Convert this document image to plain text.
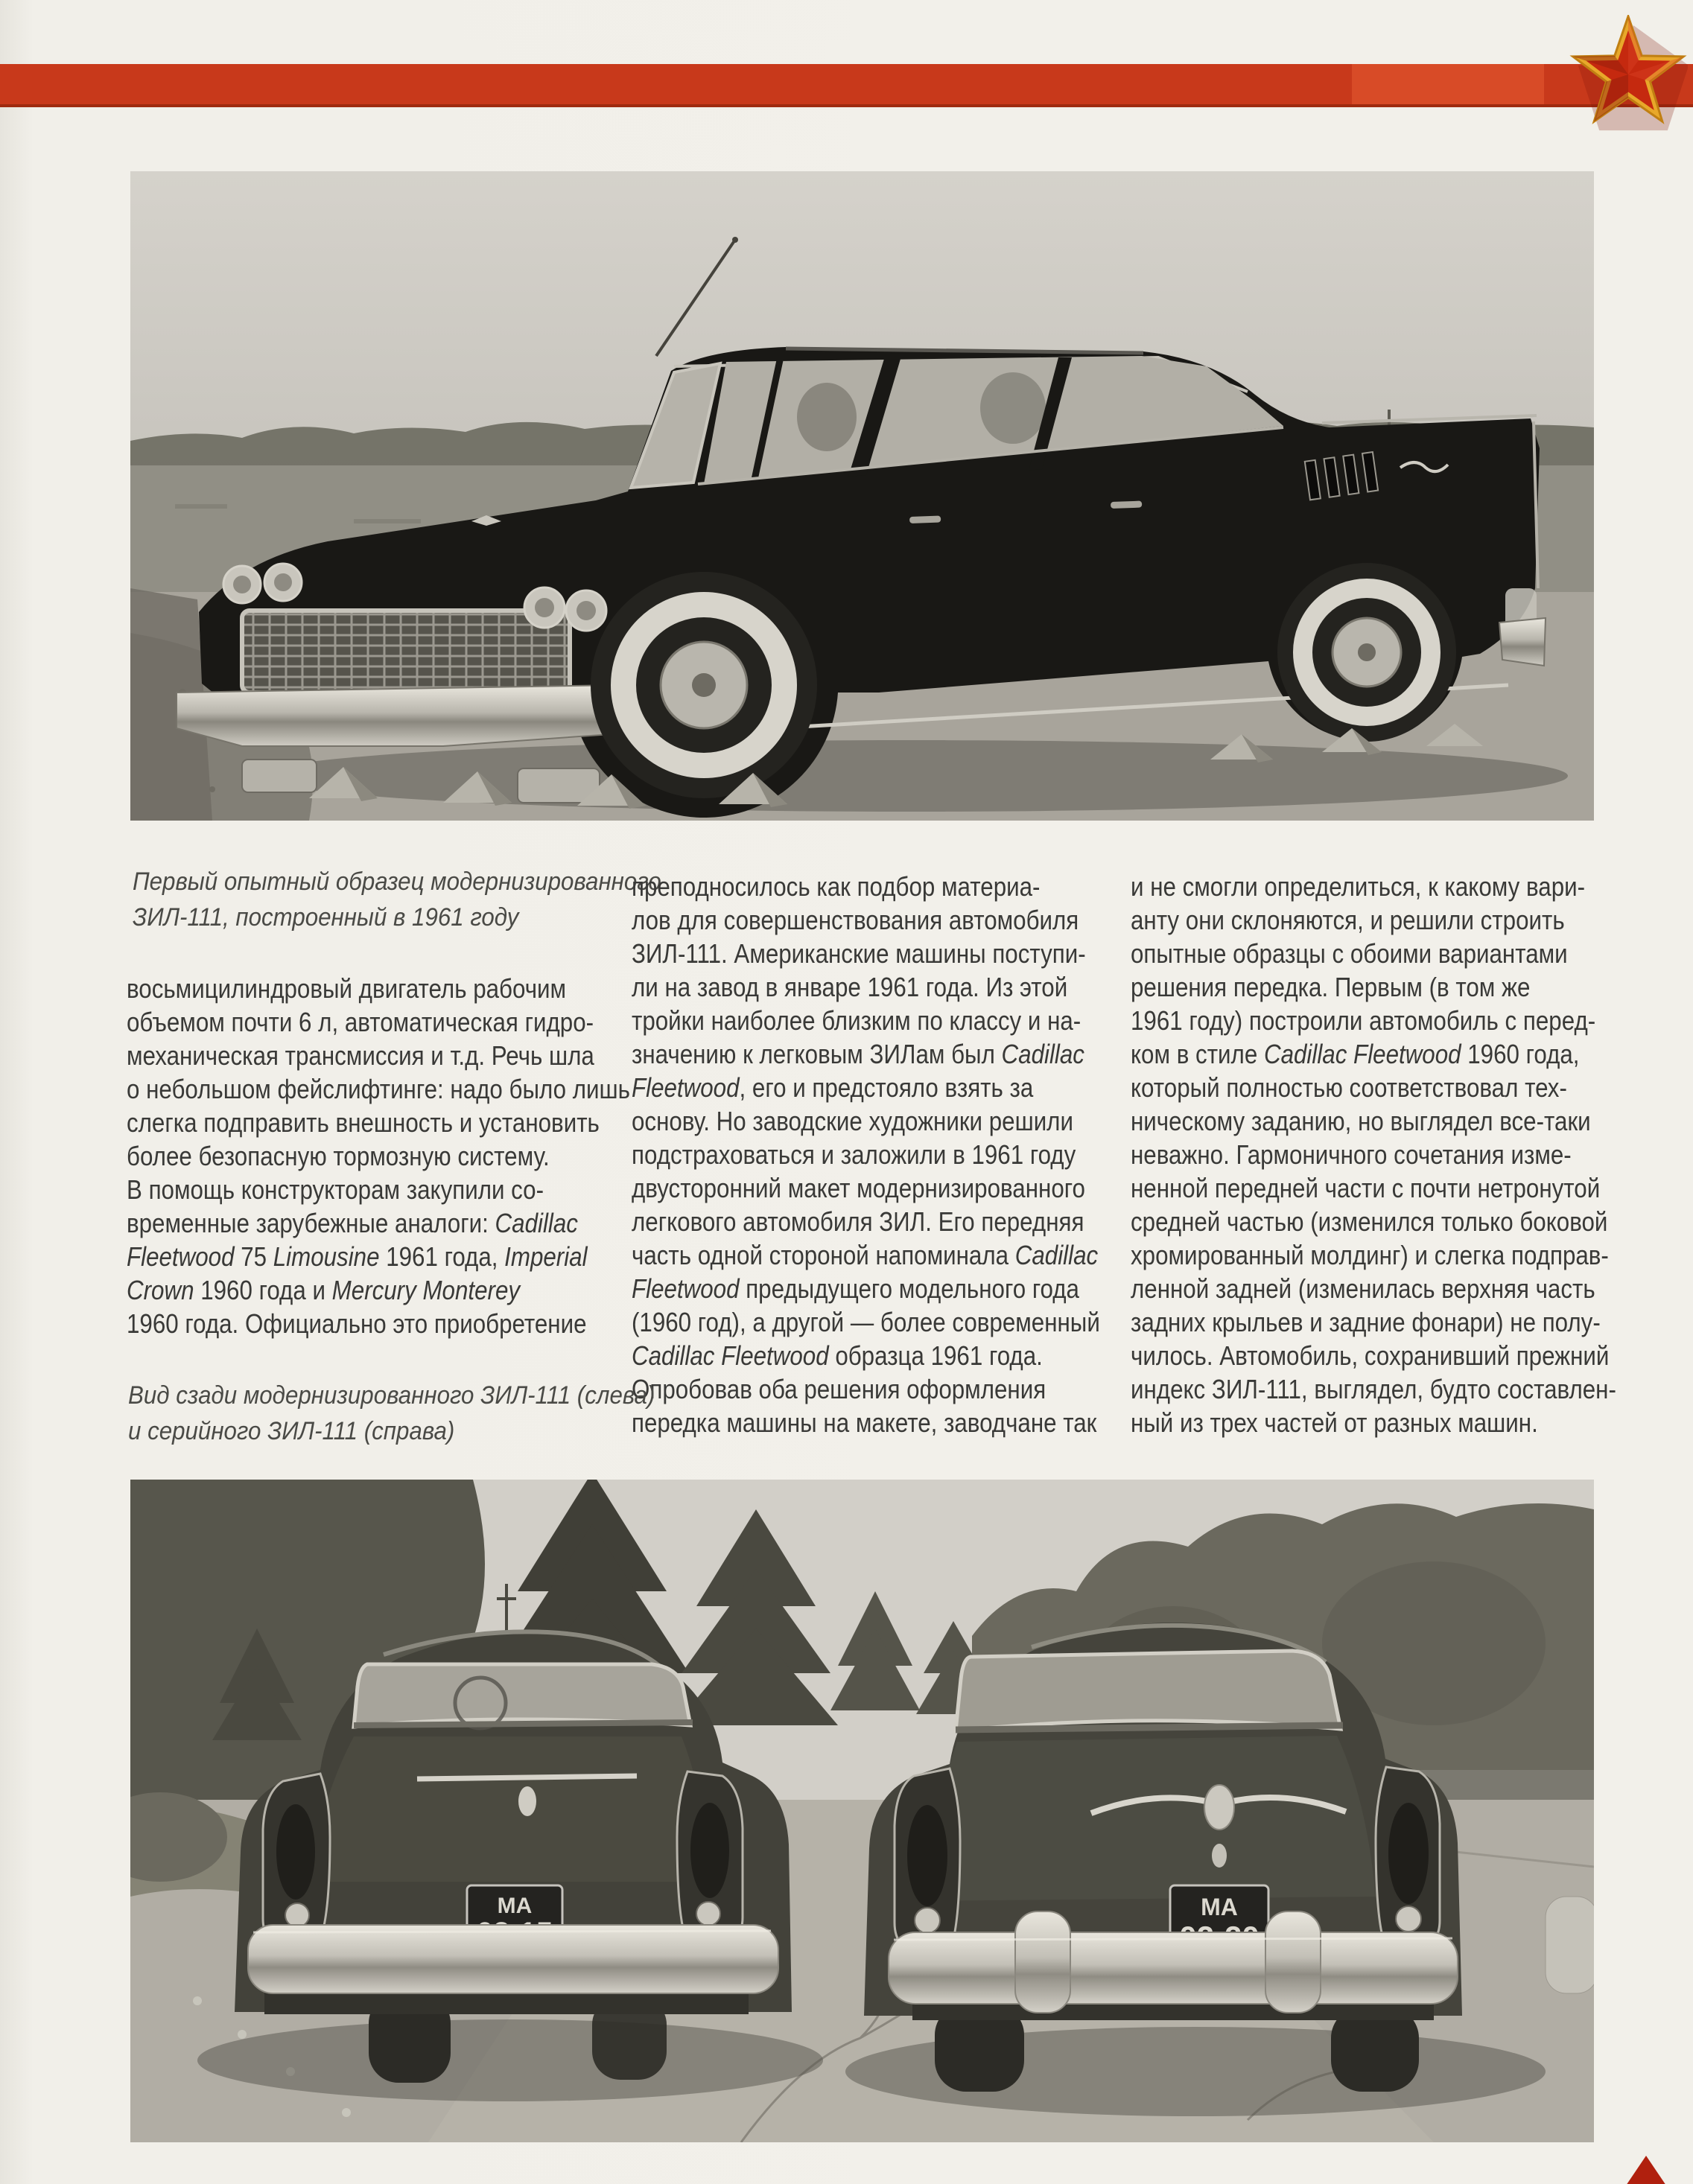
Первый опытный образец модернизированного
ЗИЛ-111, построенный в 1961 году
восьмицилиндровый двигатель рабочим
объемом почти 6 л, автоматическая гидро-
механическая трансмиссия и т.д. Речь шла
о небольшом фейслифтинге: надо было лишь
слегка подправить внешность и установить
более безопасную тормозную систему.
В помощь конструкторам закупили со-
временные зарубежные аналоги: Cadillac
Fleetwood 75 Limousine 1961 года, Imperial
Crown 1960 года и Mercury Monterey
1960 года. Официально это приобретение
преподносилось как подбор материа-
лов для совершенствования автомобиля
ЗИЛ-111. Американские машины поступи-
ли на завод в январе 1961 года. Из этой
тройки наиболее близким по классу и на-
значению к легковым ЗИЛам был Cadillac
Fleetwood, его и предстояло взять за
основу. Но заводские художники решили
подстраховаться и заложили в 1961 году
двусторонний макет модернизированного
легкового автомобиля ЗИЛ. Его передняя
часть одной стороной напоминала Cadillac
Fleetwood предыдущего модельного года
(1960 год), а другой — более современный
Cadillac Fleetwood образца 1961 года.
Опробовав оба решения оформления
передка машины на макете, заводчане так
и не смогли определиться, к какому вари-
анту они склоняются, и решили строить
опытные образцы с обоими вариантами
решения передка. Первым (в том же
1961 году) построили автомобиль с перед-
ком в стиле Cadillac Fleetwood 1960 года,
который полностью соответствовал тех-
ническому заданию, но выглядел все-таки
неважно. Гармоничного сочетания изме-
ненной передней части с почти нетронутой
средней частью (изменился только боковой
хромированный молдинг) и слегка подправ-
ленной задней (изменилась верхняя часть
задних крыльев и задние фонари) не полу-
чилось. Автомобиль, сохранивший прежний
индекс ЗИЛ-111, выглядел, будто составлен-
ный из трех частей от разных машин.
Вид сзади модернизированного ЗИЛ-111 (слева)
и серийного ЗИЛ-111 (справа)
МА	МА
